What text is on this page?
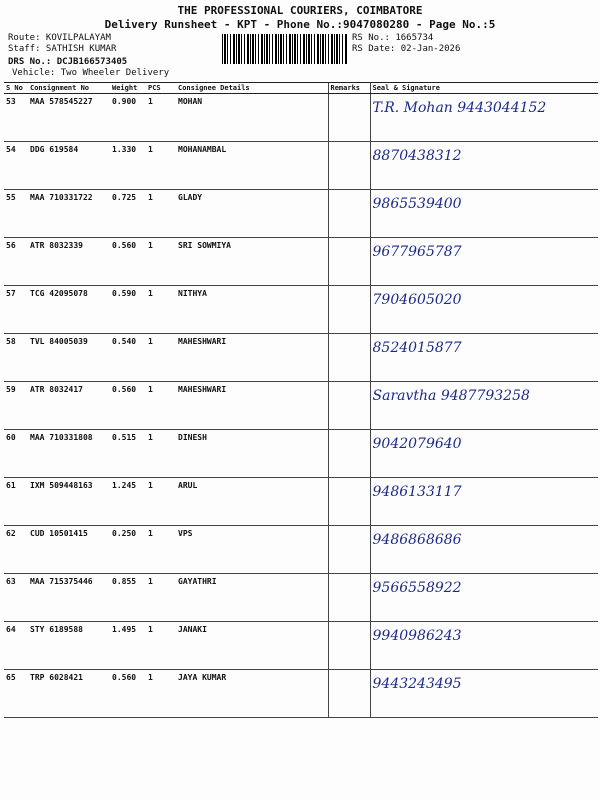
THE PROFESSIONAL COURIERS, COIMBATORE
Delivery Runsheet - KPT - Phone No.:9047080280 - Page No.:5
Route: KOVILPALAYAM
Staff: SATHISH KUMAR
DRS No.: DCJB166573405
Vehicle: Two Wheeler Delivery
RS No.: 1665734
RS Date: 02-Jan-2026
S No	Consignment No	Weight	PCS	Consignee Details	Remarks	Seal & Signature
53	MAA 578545227	0.900	1	MOHAN		T.R. Mohan 9443044152
54	DDG 619584	1.330	1	MOHANAMBAL		8870438312
55	MAA 710331722	0.725	1	GLADY		9865539400
56	ATR 8032339	0.560	1	SRI SOWMIYA		9677965787
57	TCG 42095078	0.590	1	NITHYA		7904605020
58	TVL 84005039	0.540	1	MAHESHWARI		8524015877
59	ATR 8032417	0.560	1	MAHESHWARI		Saravtha 9487793258
60	MAA 710331808	0.515	1	DINESH		9042079640
61	IXM 509448163	1.245	1	ARUL		9486133117
62	CUD 10501415	0.250	1	VPS		9486868686
63	MAA 715375446	0.855	1	GAYATHRI		9566558922
64	STY 6189588	1.495	1	JANAKI		9940986243
65	TRP 6028421	0.560	1	JAYA KUMAR		9443243495
